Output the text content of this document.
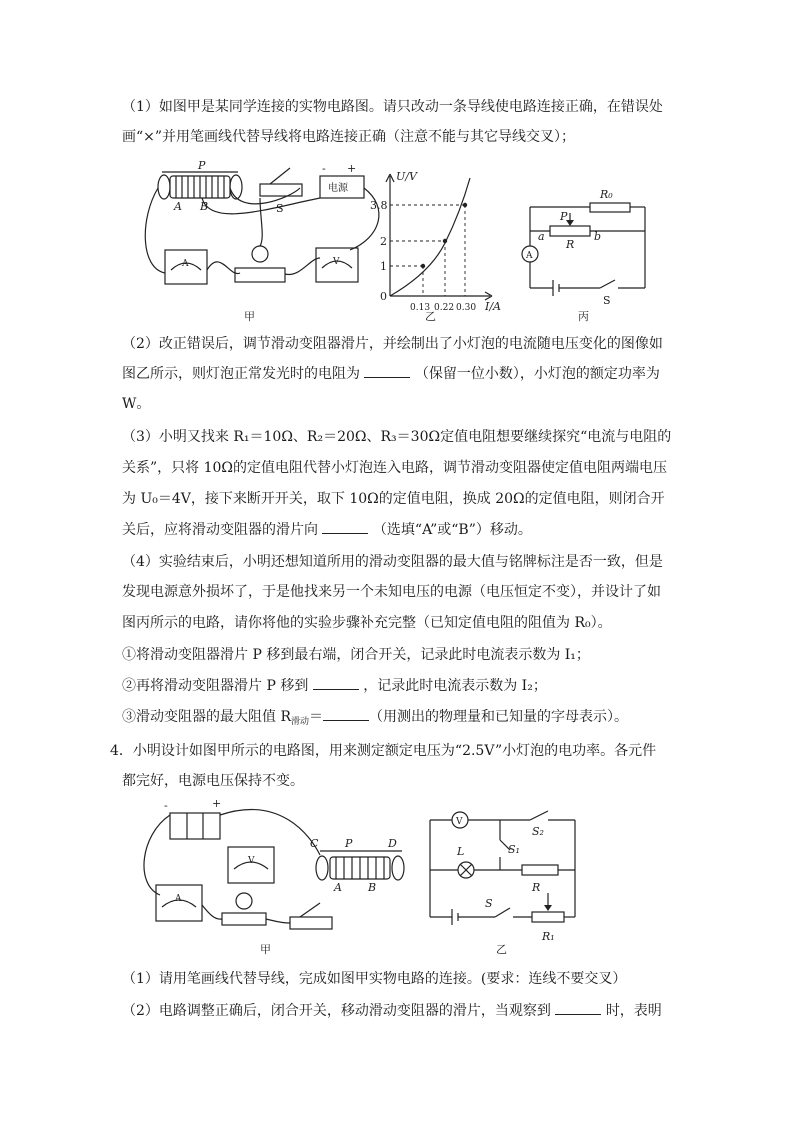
（1）如图甲是某同学连接的实物电路图。请只改动一条导线使电路连接正确，在错误处
画“×”并用笔画线代替导线将电路连接正确（注意不能与其它导线交叉）；
P
A B	S
电源
- +
A	V
U/V
I/A
0
1
2
3.8
0.13 0.22 0.30
R₀
P
a
R
b
A
S
甲	乙	丙
（2）改正错误后，调节滑动变阻器滑片，并绘制出了小灯泡的电流随电压变化的图像如
图乙所示，则灯泡正常发光时的电阻为	（保留一位小数），小灯泡的额定功率为
W。
（3）小明又找来 R₁＝10Ω、R₂＝20Ω、R₃＝30Ω定值电阻想要继续探究“电流与电阻的
关系”，只将 10Ω的定值电阻代替小灯泡连入电路，调节滑动变阻器使定值电阻两端电压
为 U₀＝4V，接下来断开开关，取下 10Ω的定值电阻，换成 20Ω的定值电阻，则闭合开
关后，应将滑动变阻器的滑片向	（选填“A”或“B”）移动。
（4）实验结束后，小明还想知道所用的滑动变阻器的最大值与铭牌标注是否一致，但是
发现电源意外损坏了，于是他找来另一个未知电压的电源（电压恒定不变），并设计了如
图丙所示的电路，请你将他的实验步骤补充完整（已知定值电阻的阻值为 R₀）。
①将滑动变阻器滑片 P 移到最右端，闭合开关，记录此时电流表示数为 I₁；
②再将滑动变阻器滑片 P 移到	，记录此时电流表示数为 I₂；
③滑动变阻器的最大阻值 $R_{滑动}=$	（用测出的物理量和已知量的字母表示）。
4．小明设计如图甲所示的电路图，用来测定额定电压为“2.5V”小灯泡的电功率。各元件
都完好，电源电压保持不变。
-	+
V
A
C P	D
A B
V
S₂
S₁
L
R
S
R₁
甲	乙
（1）请用笔画线代替导线，完成如图甲实物电路的连接。(要求：连线不要交叉）
（2）电路调整正确后，闭合开关，移动滑动变阻器的滑片，当观察到	时，表明
